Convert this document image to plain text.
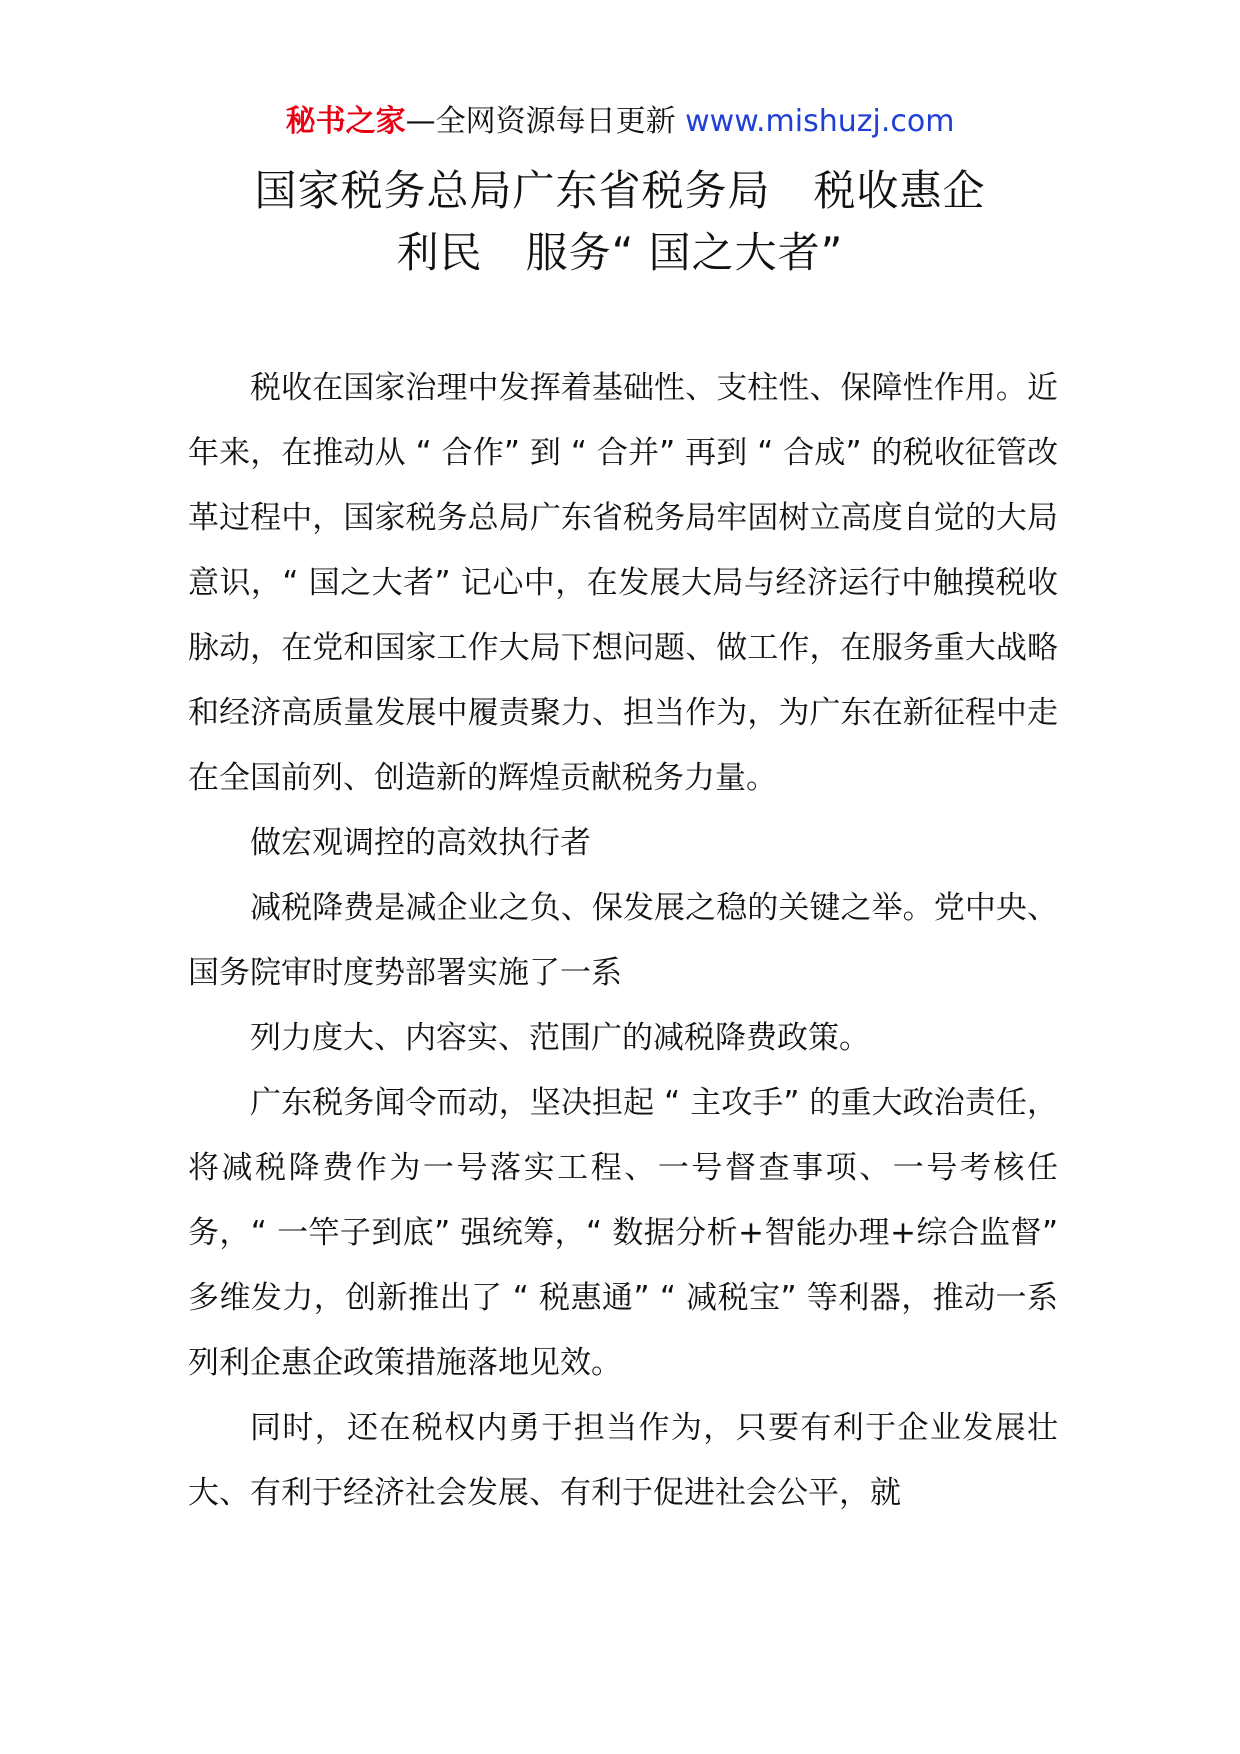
秘书之家—全网资源每日更新 www.mishuzj.com
国家税务总局广东省税务局　税收惠企
利民　服务“ 国之大者”

税收在国家治理中发挥着基础性、支柱性、保障性作用。近年来，在推动从 “ 合作” 到 “ 合并” 再到 “ 合成” 的税收征管改革过程中，国家税务总局广东省税务局牢固树立高度自觉的大局意识，“ 国之大者” 记心中，在发展大局与经济运行中触摸税收脉动，在党和国家工作大局下想问题、做工作，在服务重大战略和经济高质量发展中履责聚力、担当作为，为广东在新征程中走在全国前列、创造新的辉煌贡献税务力量。

做宏观调控的高效执行者

减税降费是减企业之负、保发展之稳的关键之举。党中央、国务院审时度势部署实施了一系

列力度大、内容实、范围广的减税降费政策。

广东税务闻令而动，坚决担起 “ 主攻手” 的重大政治责任，将减税降费作为一号落实工程、一号督查事项、一号考核任务，“ 一竿子到底” 强统筹，“ 数据分析+智能办理+综合监督” 多维发力，创新推出了 “ 税惠通” “ 减税宝” 等利器，推动一系列利企惠企政策措施落地见效。

同时，还在税权内勇于担当作为，只要有利于企业发展壮大、有利于经济社会发展、有利于促进社会公平，就
